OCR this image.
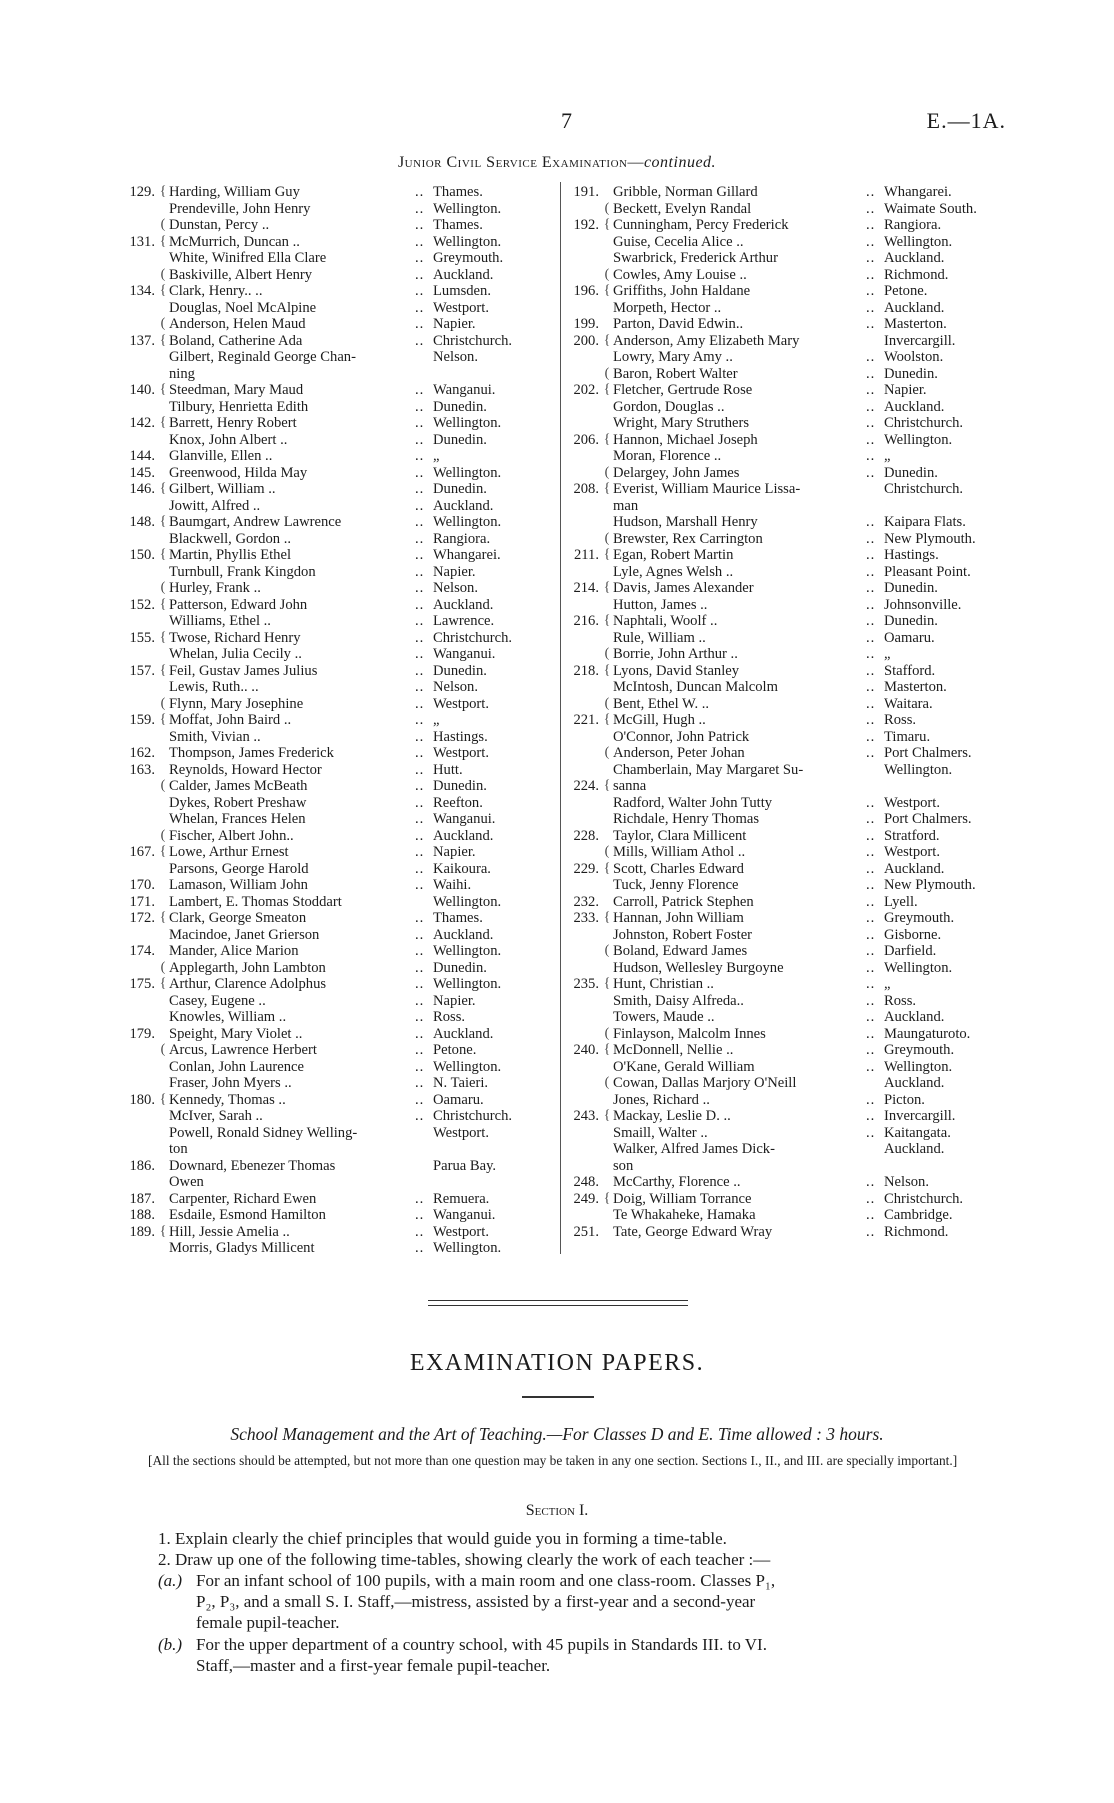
7	E.—1A.
Junior Civil Service Examination—continued.
129. { Harding, William Guy	.. Thames.
Prendeville, John Henry	.. Wellington.
( Dunstan, Percy ..	.. Thames.
131. { McMurrich, Duncan ..	.. Wellington.
White, Winifred Ella Clare	.. Greymouth.
( Baskiville, Albert Henry	.. Auckland.
134. { Clark, Henry.. ..	.. Lumsden.
Douglas, Noel McAlpine	.. Westport.
( Anderson, Helen Maud	.. Napier.
137. { Boland, Catherine Ada	.. Christchurch.
Gilbert, Reginald George Chan-	Nelson.
ning
140. { Steedman, Mary Maud	.. Wanganui.
Tilbury, Henrietta Edith	.. Dunedin.
142. { Barrett, Henry Robert	.. Wellington.
Knox, John Albert ..	.. Dunedin.
144. Glanville, Ellen ..	.. „
145. Greenwood, Hilda May	.. Wellington.
146. { Gilbert, William ..	.. Dunedin.
Jowitt, Alfred ..	.. Auckland.
148. { Baumgart, Andrew Lawrence	.. Wellington.
Blackwell, Gordon ..	.. Rangiora.
150. { Martin, Phyllis Ethel	.. Whangarei.
Turnbull, Frank Kingdon	.. Napier.
( Hurley, Frank ..	.. Nelson.
152. { Patterson, Edward John	.. Auckland.
Williams, Ethel ..	.. Lawrence.
155. { Twose, Richard Henry	.. Christchurch.
Whelan, Julia Cecily ..	.. Wanganui.
157. { Feil, Gustav James Julius	.. Dunedin.
Lewis, Ruth.. ..	.. Nelson.
( Flynn, Mary Josephine	.. Westport.
159. { Moffat, John Baird ..	.. „
Smith, Vivian ..	.. Hastings.
162. Thompson, James Frederick	.. Westport.
163. Reynolds, Howard Hector	.. Hutt.
( Calder, James McBeath	.. Dunedin.
Dykes, Robert Preshaw	.. Reefton.
Whelan, Frances Helen	.. Wanganui.
( Fischer, Albert John..	.. Auckland.
167. { Lowe, Arthur Ernest	.. Napier.
Parsons, George Harold	.. Kaikoura.
170. Lamason, William John	.. Waihi.
171. Lambert, E. Thomas Stoddart	Wellington.
172. { Clark, George Smeaton	.. Thames.
Macindoe, Janet Grierson	.. Auckland.
174. Mander, Alice Marion	.. Wellington.
( Applegarth, John Lambton	.. Dunedin.
175. { Arthur, Clarence Adolphus	.. Wellington.
Casey, Eugene ..	.. Napier.
Knowles, William ..	.. Ross.
179. Speight, Mary Violet ..	.. Auckland.
( Arcus, Lawrence Herbert	.. Petone.
Conlan, John Laurence	.. Wellington.
Fraser, John Myers ..	.. N. Taieri.
180. { Kennedy, Thomas ..	.. Oamaru.
McIver, Sarah ..	.. Christchurch.
Powell, Ronald Sidney Welling-	Westport.
ton
186. Downard, Ebenezer Thomas	Parua Bay.
Owen
187. Carpenter, Richard Ewen	.. Remuera.
188. Esdaile, Esmond Hamilton	.. Wanganui.
189. { Hill, Jessie Amelia ..	.. Westport.
Morris, Gladys Millicent	.. Wellington.
191. Gribble, Norman Gillard	.. Whangarei.
( Beckett, Evelyn Randal	.. Waimate South.
192. { Cunningham, Percy Frederick	.. Rangiora.
Guise, Cecelia Alice ..	.. Wellington.
Swarbrick, Frederick Arthur	.. Auckland.
( Cowles, Amy Louise ..	.. Richmond.
196. { Griffiths, John Haldane	.. Petone.
Morpeth, Hector ..	.. Auckland.
199. Parton, David Edwin..	.. Masterton.
200. { Anderson, Amy Elizabeth Mary	Invercargill.
Lowry, Mary Amy ..	.. Woolston.
( Baron, Robert Walter	.. Dunedin.
202. { Fletcher, Gertrude Rose	.. Napier.
Gordon, Douglas ..	.. Auckland.
Wright, Mary Struthers	.. Christchurch.
206. { Hannon, Michael Joseph	.. Wellington.
Moran, Florence ..	.. „
( Delargey, John James	.. Dunedin.
208. { Everist, William Maurice Lissa-	Christchurch.
man
Hudson, Marshall Henry	.. Kaipara Flats.
( Brewster, Rex Carrington	.. New Plymouth.
211. { Egan, Robert Martin	.. Hastings.
Lyle, Agnes Welsh ..	.. Pleasant Point.
214. { Davis, James Alexander	.. Dunedin.
Hutton, James ..	.. Johnsonville.
216. { Naphtali, Woolf ..	.. Dunedin.
Rule, William ..	.. Oamaru.
( Borrie, John Arthur ..	.. „
218. { Lyons, David Stanley	.. Stafford.
McIntosh, Duncan Malcolm	.. Masterton.
( Bent, Ethel W. ..	.. Waitara.
221. { McGill, Hugh ..	.. Ross.
O'Connor, John Patrick	.. Timaru.
( Anderson, Peter Johan	.. Port Chalmers.
Chamberlain, May Margaret Su-	Wellington.
224. { sanna
Radford, Walter John Tutty	.. Westport.
Richdale, Henry Thomas	.. Port Chalmers.
228. Taylor, Clara Millicent	.. Stratford.
( Mills, William Athol ..	.. Westport.
229. { Scott, Charles Edward	.. Auckland.
Tuck, Jenny Florence	.. New Plymouth.
232. Carroll, Patrick Stephen	.. Lyell.
233. { Hannan, John William	.. Greymouth.
Johnston, Robert Foster	.. Gisborne.
( Boland, Edward James	.. Darfield.
Hudson, Wellesley Burgoyne	.. Wellington.
235. { Hunt, Christian ..	.. „
Smith, Daisy Alfreda..	.. Ross.
Towers, Maude ..	.. Auckland.
( Finlayson, Malcolm Innes	.. Maungaturoto.
240. { McDonnell, Nellie ..	.. Greymouth.
O'Kane, Gerald William	.. Wellington.
( Cowan, Dallas Marjory O'Neill	Auckland.
Jones, Richard ..	.. Picton.
243. { Mackay, Leslie D. ..	.. Invercargill.
Smaill, Walter ..	.. Kaitangata.
Walker, Alfred James Dick-	Auckland.
son
248. McCarthy, Florence ..	.. Nelson.
249. { Doig, William Torrance	.. Christchurch.
Te Whakaheke, Hamaka	.. Cambridge.
251. Tate, George Edward Wray	.. Richmond.
EXAMINATION PAPERS.
School Management and the Art of Teaching.—For Classes D and E. Time allowed : 3 hours.
[All the sections should be attempted, but not more than one question may be taken in any one section. Sections I., II., and III. are specially important.]
Section I.
1. Explain clearly the chief principles that would guide you in forming a time-table.
2. Draw up one of the following time-tables, showing clearly the work of each teacher :—
(a.) For an infant school of 100 pupils, with a main room and one class-room. Classes P₁,
P₂, P₃, and a small S. I. Staff,—mistress, assisted by a first-year and a second-year
female pupil-teacher.
(b.) For the upper department of a country school, with 45 pupils in Standards III. to VI.
Staff,—master and a first-year female pupil-teacher.
